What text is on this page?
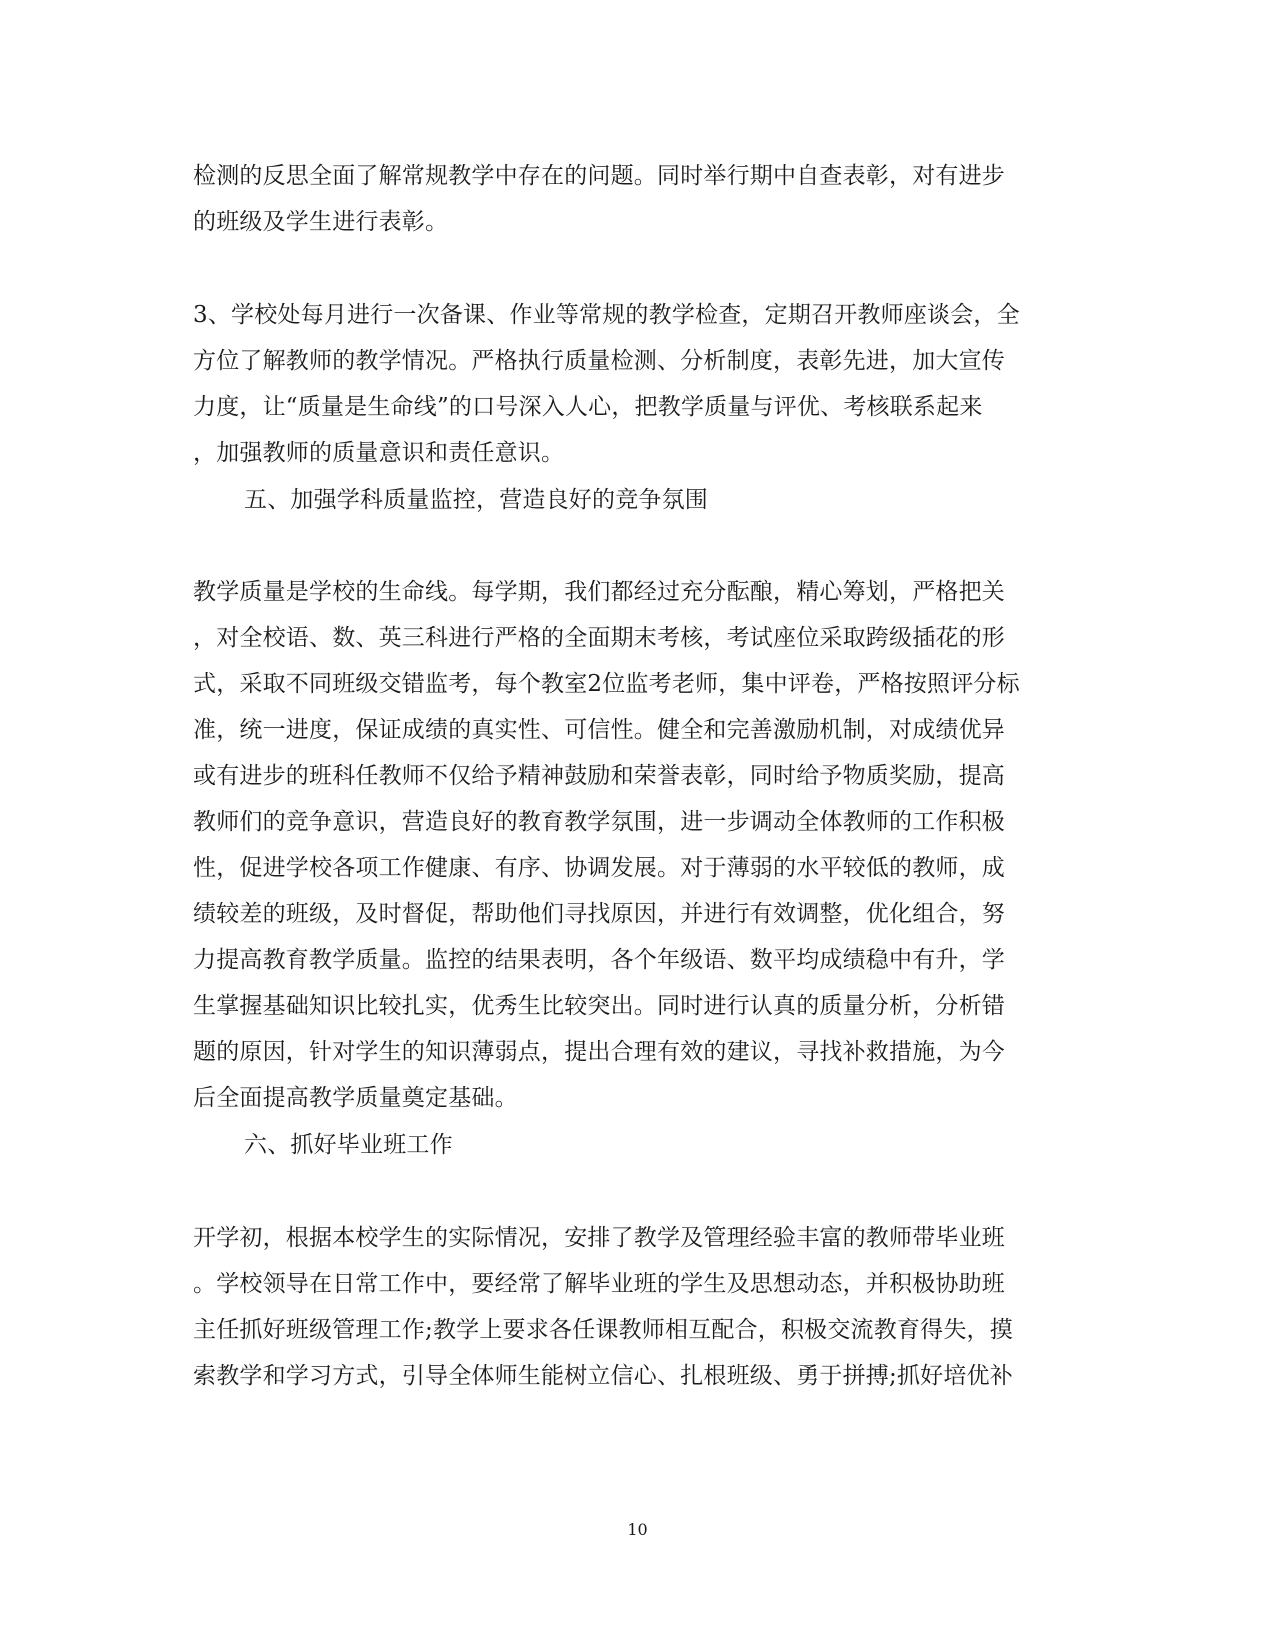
检测的反思全面了解常规教学中存在的问题。同时举行期中自查表彰，对有进步
的班级及学生进行表彰。
3、学校处每月进行一次备课、作业等常规的教学检查，定期召开教师座谈会，全
方位了解教师的教学情况。严格执行质量检测、分析制度，表彰先进，加大宣传
力度，让“质量是生命线”的口号深入人心，把教学质量与评优、考核联系起来
，加强教师的质量意识和责任意识。
五、加强学科质量监控，营造良好的竞争氛围
教学质量是学校的生命线。每学期，我们都经过充分酝酿，精心筹划，严格把关
，对全校语、数、英三科进行严格的全面期末考核，考试座位采取跨级插花的形
式，采取不同班级交错监考，每个教室2位监考老师，集中评卷，严格按照评分标
准，统一进度，保证成绩的真实性、可信性。健全和完善激励机制，对成绩优异
或有进步的班科任教师不仅给予精神鼓励和荣誉表彰，同时给予物质奖励，提高
教师们的竞争意识，营造良好的教育教学氛围，进一步调动全体教师的工作积极
性，促进学校各项工作健康、有序、协调发展。对于薄弱的水平较低的教师，成
绩较差的班级，及时督促，帮助他们寻找原因，并进行有效调整，优化组合，努
力提高教育教学质量。监控的结果表明，各个年级语、数平均成绩稳中有升，学
生掌握基础知识比较扎实，优秀生比较突出。同时进行认真的质量分析，分析错
题的原因，针对学生的知识薄弱点，提出合理有效的建议，寻找补救措施，为今
后全面提高教学质量奠定基础。
六、抓好毕业班工作
开学初，根据本校学生的实际情况，安排了教学及管理经验丰富的教师带毕业班
。学校领导在日常工作中，要经常了解毕业班的学生及思想动态，并积极协助班
主任抓好班级管理工作;教学上要求各任课教师相互配合，积极交流教育得失，摸
索教学和学习方式，引导全体师生能树立信心、扎根班级、勇于拼搏;抓好培优补
10
